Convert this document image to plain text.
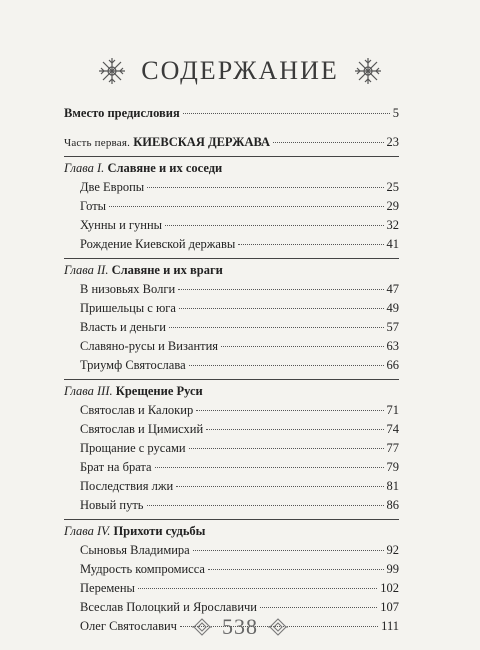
СОДЕРЖАНИЕ
Вместо предисловия	5
Часть первая. КИЕВСКАЯ ДЕРЖАВА	23
Глава I. Славяне и их соседи
Две Европы	25
Готы	29
Хунны и гунны	32
Рождение Киевской державы	41
Глава II. Славяне и их враги
В низовьях Волги	47
Пришельцы с юга	49
Власть и деньги	57
Славяно-русы и Византия	63
Триумф Святослава	66
Глава III. Крещение Руси
Святослав и Калокир	71
Святослав и Цимисхий	74
Прощание с русами	77
Брат на брата	79
Последствия лжи	81
Новый путь	86
Глава IV. Прихоти судьбы
Сыновья Владимира	92
Мудрость компромисса	99
Перемены	102
Всеслав Полоцкий и Ярославичи	107
Олег Святославич	111
538
